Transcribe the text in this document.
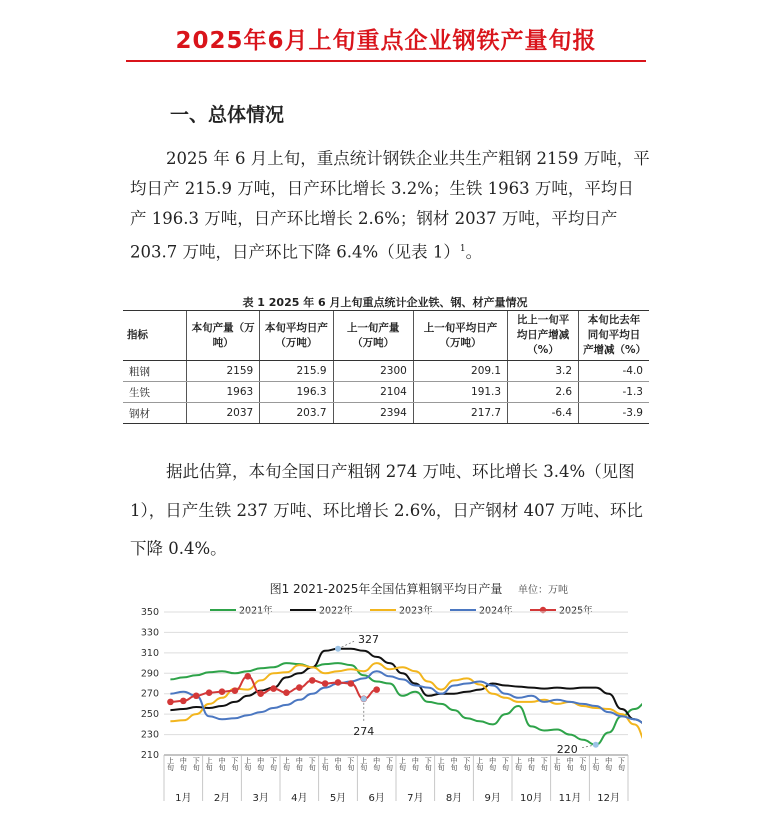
2025年6月上旬重点企业钢铁产量旬报
一、总体情况
2025 年 6 月上旬，重点统计钢铁企业共生产粗钢 2159 万吨，平均日产 215.9 万吨，日产环比增长 3.2%；生铁 1963 万吨，平均日产 196.3 万吨，日产环比增长 2.6%；钢材 2037 万吨，平均日产 203.7 万吨，日产环比下降 6.4%（见表 1）$^1$。
表 1 2025 年 6 月上旬重点统计企业铁、钢、材产量情况
指标	本旬产量（万吨）	本旬平均日产（万吨）	上一旬产量（万吨）	上一旬平均日产（万吨）	比上一旬平均日产增减（%）	本旬比去年同旬平均日产增减（%）
粗钢	2159	215.9	2300	209.1	3.2	-4.0
生铁	1963	196.3	2104	191.3	2.6	-1.3
钢材	2037	203.7	2394	217.7	-6.4	-3.9
据此估算，本旬全国日产粗钢 274 万吨、环比增长 3.4%（见图 1），日产生铁 237 万吨、环比增长 2.6%，日产钢材 407 万吨、环比下降 0.4%。
图1 2021-2025年全国估算粗钢平均日产量 单位：万吨
2021年	2022年	2023年	2024年	2025年
210
230
250
270
290
310
330
350
上旬 中旬 下旬 上旬 中旬 下旬 上旬 中旬 下旬 上旬 中旬 下旬 上旬 中旬 下旬 上旬 中旬 下旬 上旬 中旬 下旬 上旬 中旬 下旬 上旬 中旬 下旬 上旬 中旬 下旬 上旬 中旬 下旬 上旬 中旬 下旬
1月 2月 3月 4月 5月 6月 7月 8月 9月 10月 11月 12月
327
274
220
